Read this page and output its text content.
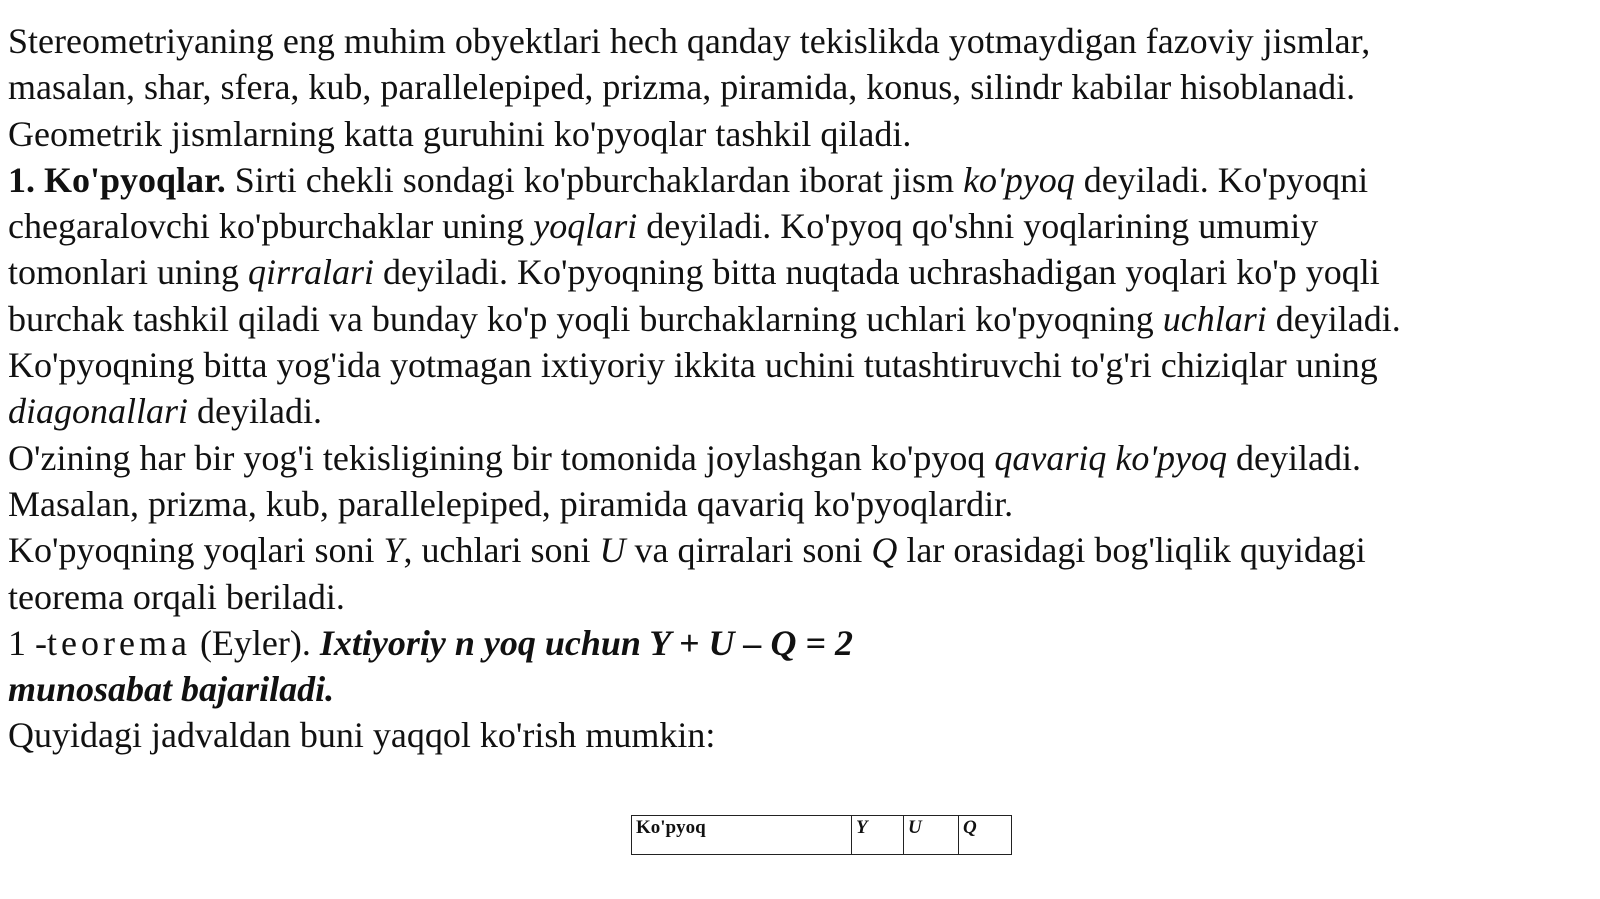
Stereometriyaning eng muhim obyektlari hech qanday tekislikda yotmaydigan fazoviy jismlar,
masalan, shar, sfera, kub, parallelepiped, prizma, piramida, konus, silindr kabilar hisoblanadi.
Geometrik jismlarning katta guruhini ko'pyoqlar tashkil qiladi.
1. Ko'pyoqlar. Sirti chekli sondagi ko'pburchaklardan iborat jism ko'pyoq deyiladi. Ko'pyoqni
chegaralovchi ko'pburchaklar uning yoqlari deyiladi. Ko'pyoq qo'shni yoqlarining umumiy
tomonlari uning qirralari deyiladi. Ko'pyoqning bitta nuqtada uchrashadigan yoqlari ko'p yoqli
burchak tashkil qiladi va bunday ko'p yoqli burchaklarning uchlari ko'pyoqning uchlari deyiladi.
Ko'pyoqning bitta yog'ida yotmagan ixtiyoriy ikkita uchini tutashtiruvchi to'g'ri chiziqlar uning
diagonallari deyiladi.
O'zining har bir yog'i tekisligining bir tomonida joylashgan ko'pyoq qavariq ko'pyoq deyiladi.
Masalan, prizma, kub, parallelepiped, piramida qavariq ko'pyoqlardir.
Ko'pyoqning yoqlari soni Y, uchlari soni U va qirralari soni Q lar orasidagi bog'liqlik quyidagi
teorema orqali beriladi.
1 -teorema (Eyler). Ixtiyoriy n yoq uchun Y + U – Q = 2
munosabat bajariladi.
Quyidagi jadvaldan buni yaqqol ko'rish mumkin:
Ko'pyoq	Y	U	Q
